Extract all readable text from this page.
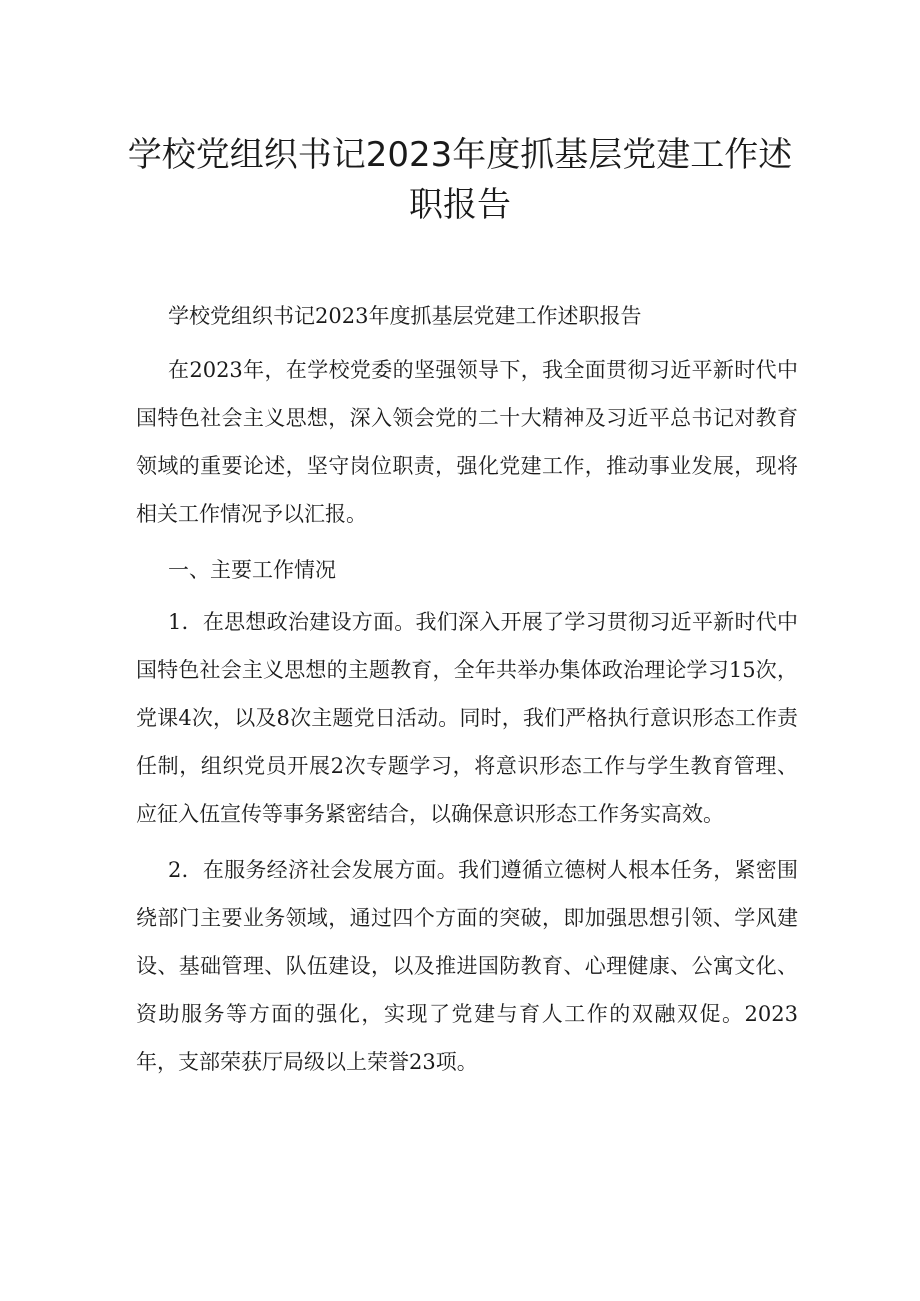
学校党组织书记2023年度抓基层党建工作述

职报告

学校党组织书记2023年度抓基层党建工作述职报告

在2023年，在学校党委的坚强领导下，我全面贯彻习近平新时代中国特色社会主义思想，深入领会党的二十大精神及习近平总书记对教育领域的重要论述，坚守岗位职责，强化党建工作，推动事业发展，现将相关工作情况予以汇报。

一、主要工作情况

1．在思想政治建设方面。我们深入开展了学习贯彻习近平新时代中国特色社会主义思想的主题教育，全年共举办集体政治理论学习15次，党课4次，以及8次主题党日活动。同时，我们严格执行意识形态工作责任制，组织党员开展2次专题学习，将意识形态工作与学生教育管理、应征入伍宣传等事务紧密结合，以确保意识形态工作务实高效。

2．在服务经济社会发展方面。我们遵循立德树人根本任务，紧密围绕部门主要业务领域，通过四个方面的突破，即加强思想引领、学风建设、基础管理、队伍建设，以及推进国防教育、心理健康、公寓文化、资助服务等方面的强化，实现了党建与育人工作的双融双促。2023年，支部荣获厅局级以上荣誉23项。
